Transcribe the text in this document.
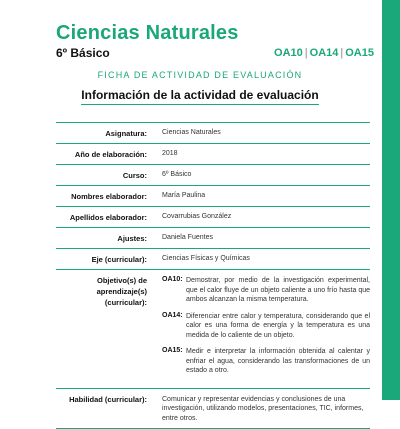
Ciencias Naturales
6º Básico	OA10 | OA14 | OA15
FICHA DE ACTIVIDAD DE EVALUACIÓN
Información de la actividad de evaluación
Asignatura:	Ciencias Naturales
Año de elaboración:	2018
Curso:	6º Básico
Nombres elaborador:	María Paulina
Apellidos elaborador:	Covarrubias González
Ajustes:	Daniela Fuentes
Eje (curricular):	Ciencias Físicas y Químicas
Objetivo(s) de aprendizaje(s) (curricular):
OA10: Demostrar, por medio de la investigación experimental, que el calor fluye de un objeto caliente a uno frío hasta que ambos alcanzan la misma temperatura.
OA14: Diferenciar entre calor y temperatura, considerando que el calor es una forma de energía y la temperatura es una medida de lo caliente de un objeto.
OA15: Medir e interpretar la información obtenida al calentar y enfriar el agua, considerando las transformaciones de un estado a otro.
Habilidad (curricular):	Comunicar y representar evidencias y conclusiones de una investigación, utilizando modelos, presentaciones, TIC, informes, entre otros.
